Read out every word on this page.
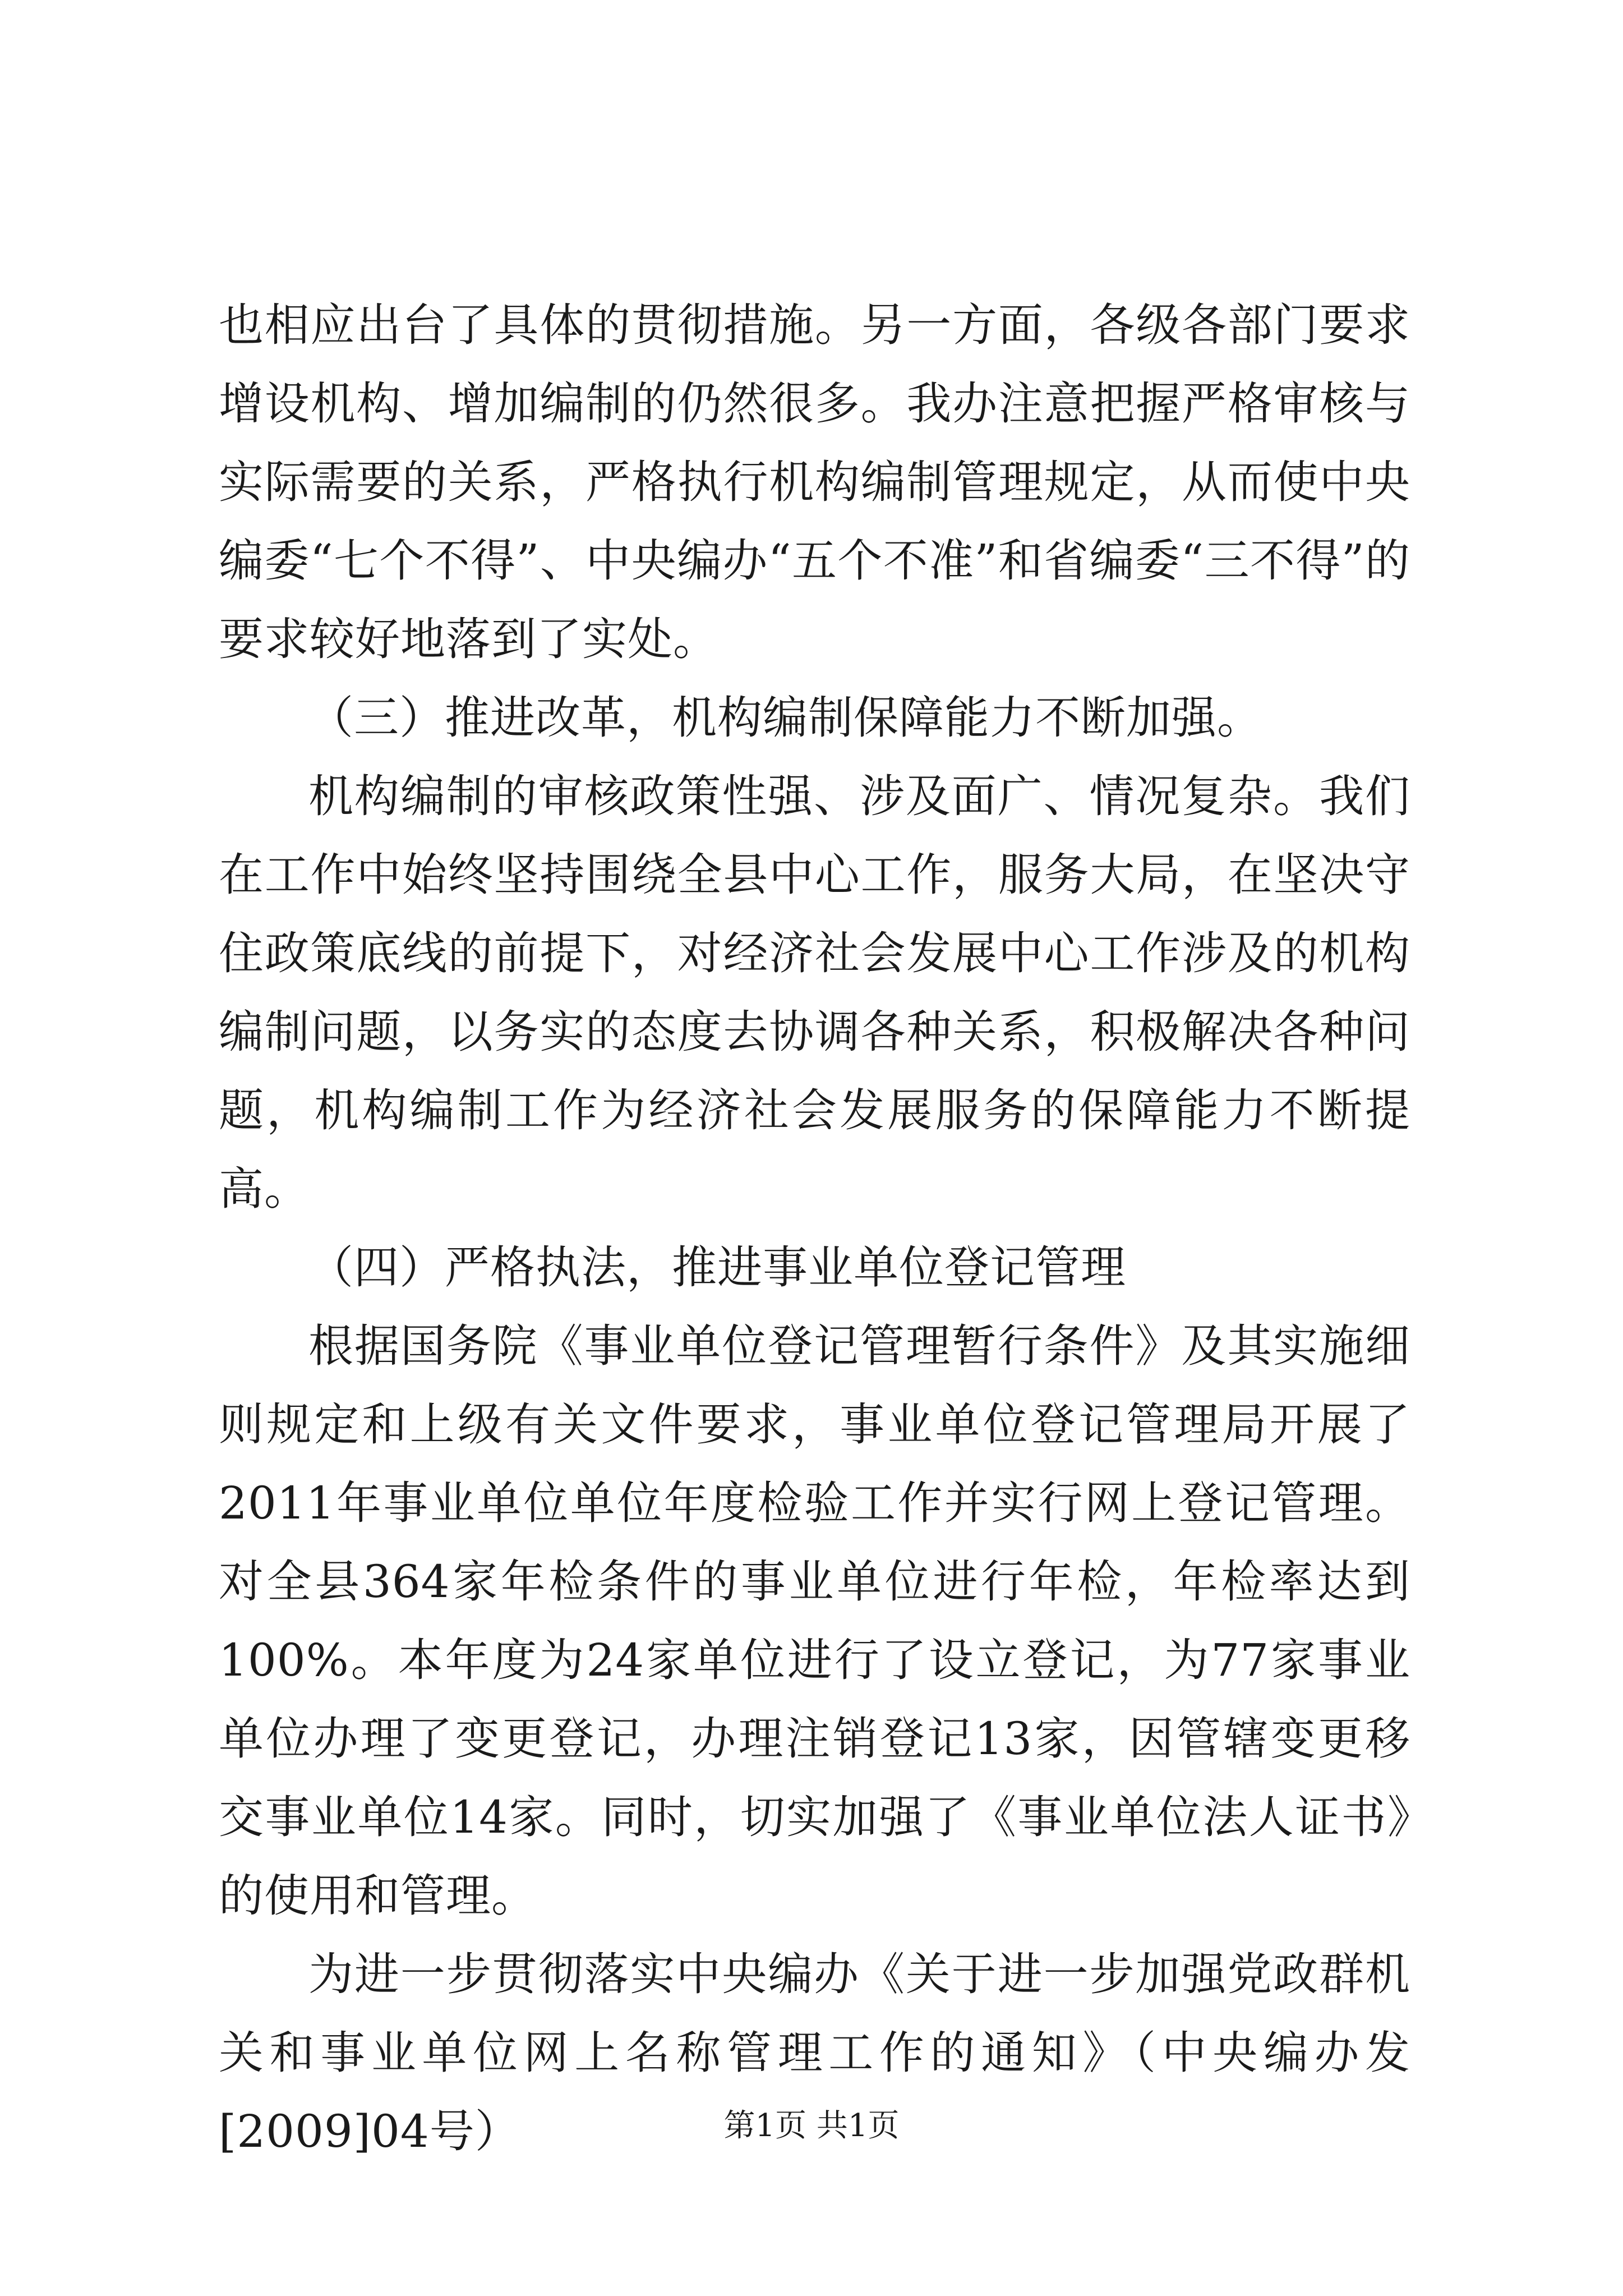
也相应出台了具体的贯彻措施。另一方面，各级各部门要求增设机构、增加编制的仍然很多。我办注意把握严格审核与实际需要的关系，严格执行机构编制管理规定，从而使中央编委“七个不得”、中央编办“五个不准”和省编委“三不得”的要求较好地落到了实处。

（三）推进改革，机构编制保障能力不断加强。

机构编制的审核政策性强、涉及面广、情况复杂。我们在工作中始终坚持围绕全县中心工作，服务大局，在坚决守住政策底线的前提下，对经济社会发展中心工作涉及的机构编制问题，以务实的态度去协调各种关系，积极解决各种问题，机构编制工作为经济社会发展服务的保障能力不断提高。

（四）严格执法，推进事业单位登记管理

根据国务院《事业单位登记管理暂行条件》及其实施细则规定和上级有关文件要求，事业单位登记管理局开展了2011年事业单位单位年度检验工作并实行网上登记管理。对全县364家年检条件的事业单位进行年检，年检率达到100%。本年度为24家单位进行了设立登记，为77家事业单位办理了变更登记，办理注销登记13家，因管辖变更移交事业单位14家。同时，切实加强了《事业单位法人证书》的使用和管理。

为进一步贯彻落实中央编办《关于进一步加强党政群机关和事业单位网上名称管理工作的通知》（中央编办发[2009]04号）	第1页 共1页
